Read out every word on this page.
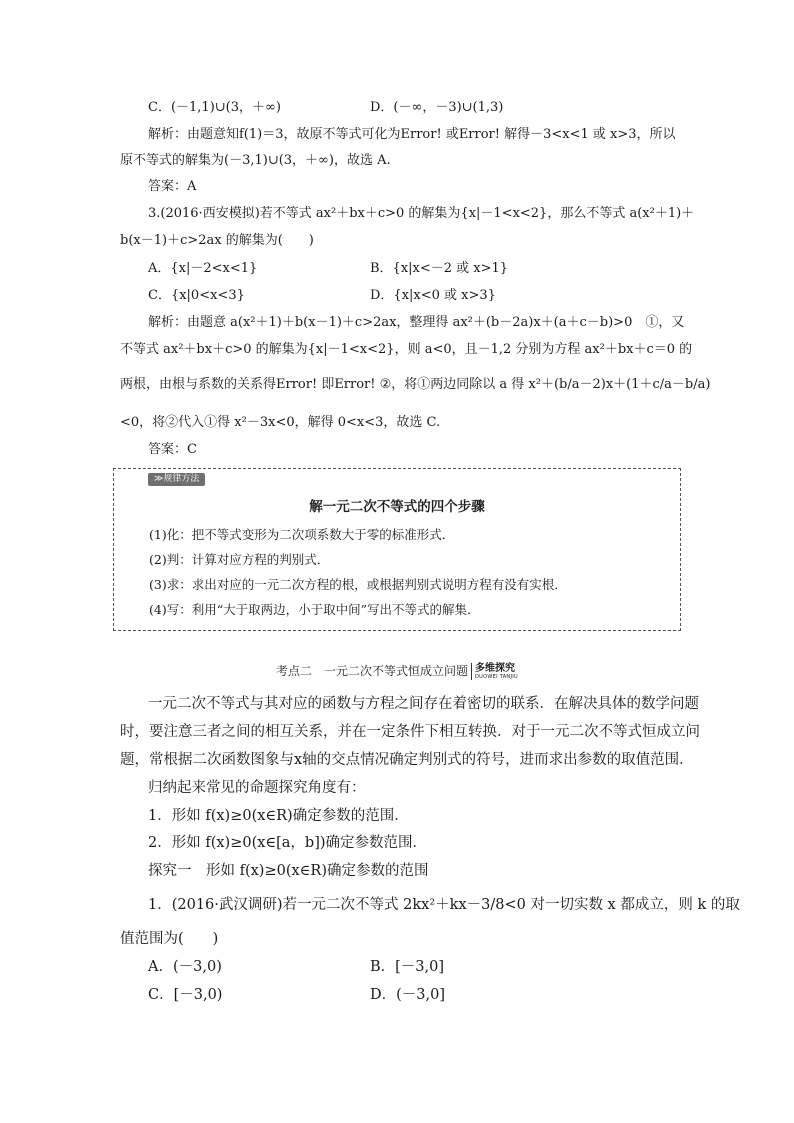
C．(－1,1)∪(3，＋∞)	D．(－∞，－3)∪(1,3)
解析：由题意知f(1)＝3，故原不等式可化为Error! 或Error! 解得－3<x<1 或 x>3，所以
原不等式的解集为(－3,1)∪(3，＋∞)，故选 A.
答案：A
3.(2016·西安模拟)若不等式 ax²＋bx＋c>0 的解集为{x|－1<x<2}，那么不等式 a(x²＋1)＋
b(x－1)＋c>2ax 的解集为(　　)
A．{x|－2<x<1}	B．{x|x<－2 或 x>1}
C．{x|0<x<3}	D．{x|x<0 或 x>3}
解析：由题意 a(x²＋1)＋b(x－1)＋c>2ax，整理得 ax²＋(b－2a)x＋(a＋c－b)>0　①，又
不等式 ax²＋bx＋c>0 的解集为{x|－1<x<2}，则 a<0，且－1,2 分别为方程 ax²＋bx＋c＝0 的
两根，由根与系数的关系得Error! 即Error! ②，将①两边同除以 a 得 x²＋(b/a－2)x＋(1＋c/a－b/a)
<0，将②代入①得 x²－3x<0，解得 0<x<3，故选 C.
答案：C
≫规律方法
解一元二次不等式的四个步骤
(1)化：把不等式变形为二次项系数大于零的标准形式．
(2)判：计算对应方程的判别式．
(3)求：求出对应的一元二次方程的根，或根据判别式说明方程有没有实根．
(4)写：利用“大于取两边，小于取中间”写出不等式的解集．
考点二　一元二次不等式恒成立问题 多维探究
DUOWEI TANJIU
一元二次不等式与其对应的函数与方程之间存在着密切的联系．在解决具体的数学问题
时，要注意三者之间的相互关系，并在一定条件下相互转换．对于一元二次不等式恒成立问
题，常根据二次函数图象与x轴的交点情况确定判别式的符号，进而求出参数的取值范围．
归纳起来常见的命题探究角度有：
1．形如 f(x)≥0(x∈R)确定参数的范围．
2．形如 f(x)≥0(x∈[a，b])确定参数范围．
探究一　形如 f(x)≥0(x∈R)确定参数的范围
1．(2016·武汉调研)若一元二次不等式 2kx²＋kx－3/8<0 对一切实数 x 都成立，则 k 的取
值范围为(　　)
A．(－3,0)	B．[－3,0]
C．[－3,0)	D．(－3,0]
